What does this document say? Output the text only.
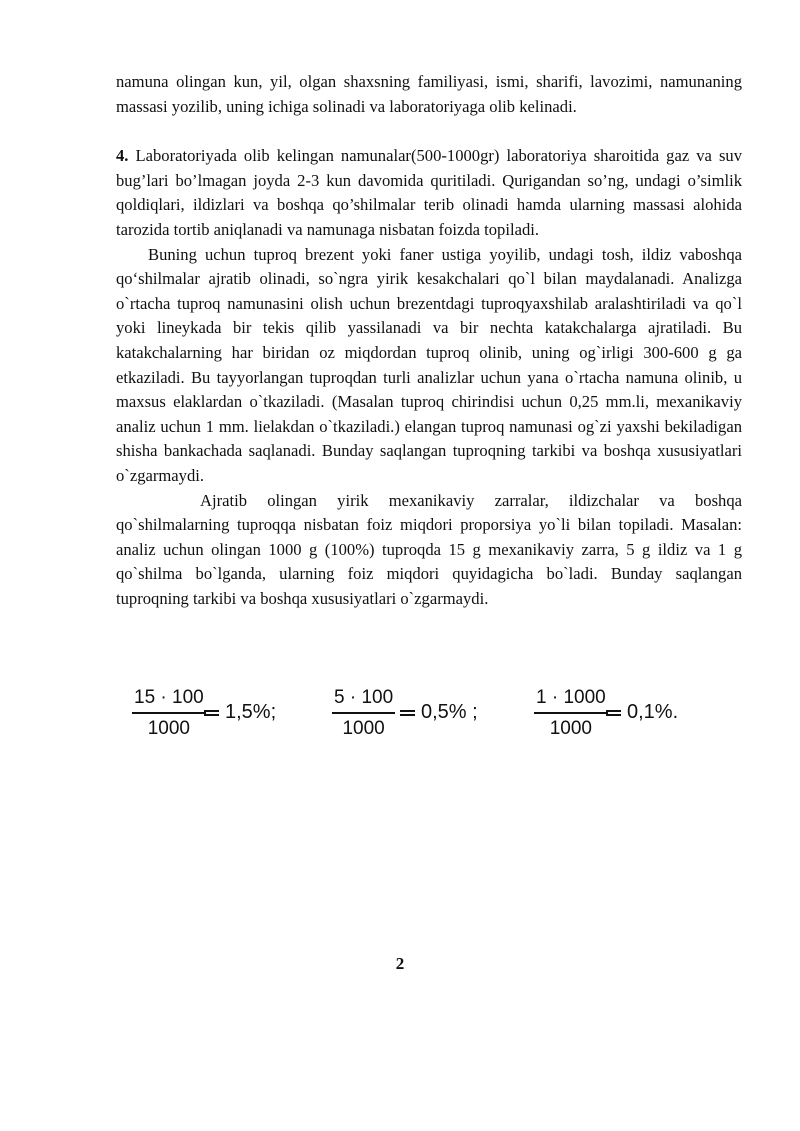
namuna olingan kun, yil, olgan shaxsning familiyasi, ismi, sharifi, lavozimi, namunaning massasi yozilib, uning ichiga solinadi va laboratoriyaga olib kelinadi.

4. Laboratoriyada olib kelingan namunalar(500-1000gr) laboratoriya sharoitida gaz va suv bug’lari bo’lmagan joyda 2-3 kun davomida quritiladi. Qurigandan so’ng, undagi o’simlik qoldiqlari, ildizlari va boshqa qo’shilmalar terib olinadi hamda ularning massasi alohida tarozida tortib aniqlanadi va namunaga nisbatan foizda topiladi.

Buning uchun tuproq brezent yoki faner ustiga yoyilib, undagi tosh, ildiz vaboshqa qo‘shilmalar ajratib olinadi, so`ngra yirik kesakchalari qo`l bilan maydalanadi. Analizga o`rtacha tuproq namunasini olish uchun brezentdagi tuproqyaxshilab aralashtiriladi va qo`l yoki lineykada bir tekis qilib yassilanadi va bir nechta katakchalarga ajratiladi. Bu katakchalarning har biridan oz miqdordan tuproq olinib, uning og`irligi 300-600 g ga etkaziladi. Bu tayyorlangan tuproqdan turli analizlar uchun yana o`rtacha namuna olinib, u maxsus elaklardan o`tkaziladi. (Masalan tuproq chirindisi uchun 0,25 mm.li, mexanikaviy analiz uchun 1 mm. lielakdan o`tkaziladi.) elangan tuproq namunasi og`zi yaxshi bekiladigan shisha bankachada saqlanadi. Bunday saqlangan tuproqning tarkibi va boshqa xususiyatlari o`zgarmaydi.

Ajratib olingan yirik mexanikaviy zarralar, ildizchalar va boshqa qo`shilmalarning tuproqqa nisbatan foiz miqdori proporsiya yo`li bilan topiladi. Masalan: analiz uchun olingan 1000 g (100%) tuproqda 15 g mexanikaviy zarra, 5 g ildiz va 1 g qo`shilma bo`lganda, ularning foiz miqdori quyidagicha bo`ladi. Bunday saqlangan tuproqning tarkibi va boshqa xususiyatlari o`zgarmaydi.

15 · 100
1000
1,5%;
5 · 100
1000
0,5% ;
1 · 1000
1000
0,1%.
2
